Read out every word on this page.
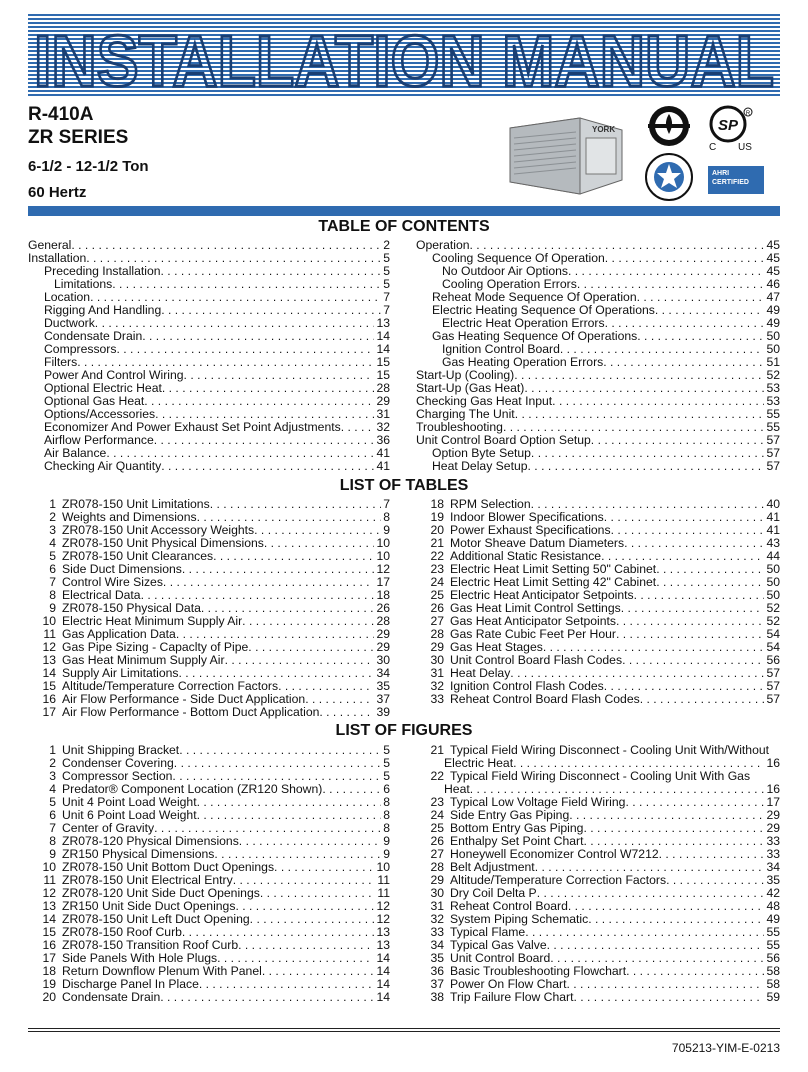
INSTALLATION MANUAL

R-410A

ZR SERIES

6-1/2 - 12-1/2 Ton

60 Hertz

YORK	SP
R
C US
AHRI CERTIFIED
TABLE OF CONTENTS
General . . .	2
Installation . . .	5
Preceding Installation . . .	5
Limitations . . .	5
Location . . .	7
Rigging And Handling . . .	7
Ductwork . . .	13
Condensate Drain . . .	14
Compressors . . .	14
Filters . . .	15
Power And Control Wiring . . .	15
Optional Electric Heat . . .	28
Optional Gas Heat . . .	29
Options/Accessories . . .	31
Economizer And Power Exhaust Set Point Adjustments . . .	32
Airflow Performance . . .	36
Air Balance . . .	41
Checking Air Quantity . . .	41
Operation . . .	45
Cooling Sequence Of Operation . . .	45
No Outdoor Air Options . . .	45
Cooling Operation Errors . . .	46
Reheat Mode Sequence Of Operation . . .	47
Electric Heating Sequence Of Operations . . .	49
Electric Heat Operation Errors . . .	49
Gas Heating Sequence Of Operations . . .	50
Ignition Control Board . . .	50
Gas Heating Operation Errors . . .	51
Start-Up (Cooling) . . .	52
Start-Up (Gas Heat) . . .	53
Checking Gas Heat Input . . .	53
Charging The Unit . . .	55
Troubleshooting . . .	55
Unit Control Board Option Setup . . .	57
Option Byte Setup . . .	57
Heat Delay Setup . . .	57
LIST OF TABLES
1 ZR078-150 Unit Limitations . . .	7
2 Weights and Dimensions . . .	8
3 ZR078-150 Unit Accessory Weights . . .	9
4 ZR078-150 Unit Physical Dimensions . . .	10
5 ZR078-150 Unit Clearances . . .	10
6 Side Duct Dimensions . . .	12
7 Control Wire Sizes . . .	17
8 Electrical Data . . .	18
9 ZR078-150 Physical Data . . .	26
10 Electric Heat Minimum Supply Air . . .	28
11 Gas Application Data . . .	29
12 Gas Pipe Sizing - Capaclty of Pipe . . .	29
13 Gas Heat Minimum Supply Air . . .	30
14 Supply Air Limitations . . .	34
15 Altitude/Temperature Correction Factors . . .	35
16 Air Flow Performance - Side Duct Application . . .	37
17 Air Flow Performance - Bottom Duct Application . . .	39
18 RPM Selection . . .	40
19 Indoor Blower Specifications . . .	41
20 Power Exhaust Specifications . . .	41
21 Motor Sheave Datum Diameters . . .	43
22 Additional Static Resistance . . .	44
23 Electric Heat Limit Setting 50" Cabinet . . .	50
24 Electric Heat Limit Setting 42" Cabinet . . .	50
25 Electric Heat Anticipator Setpoints . . .	50
26 Gas Heat Limit Control Settings . . .	52
27 Gas Heat Anticipator Setpoints . . .	52
28 Gas Rate Cubic Feet Per Hour . . .	54
29 Gas Heat Stages . . .	54
30 Unit Control Board Flash Codes . . .	56
31 Heat Delay . . .	57
32 Ignition Control Flash Codes . . .	57
33 Reheat Control Board Flash Codes . . .	57
LIST OF FIGURES
1 Unit Shipping Bracket . . .	5
2 Condenser Covering . . .	5
3 Compressor Section . . .	5
4 Predator® Component Location (ZR120 Shown) . . .	6
5 Unit 4 Point Load Weight . . .	8
6 Unit 6 Point Load Weight . . .	8
7 Center of Gravity . . .	8
8 ZR078-120 Physical Dimensions . . .	9
9 ZR150 Physical Dimensions . . .	9
10 ZR078-150 Unit Bottom Duct Openings . . .	10
11 ZR078-150 Unit Electrical Entry . . .	11
12 ZR078-120 Unit Side Duct Openings . . .	11
13 ZR150 Unit Side Duct Openings . . .	12
14 ZR078-150 Unit Left Duct Opening . . .	12
15 ZR078-150 Roof Curb . . .	13
16 ZR078-150 Transition Roof Curb . . .	13
17 Side Panels With Hole Plugs . . .	14
18 Return Downflow Plenum With Panel . . .	14
19 Discharge Panel In Place . . .	14
20 Condensate Drain . . .	14
21 Typical Field Wiring Disconnect - Cooling Unit With/Without
Electric Heat . . .	16
22 Typical Field Wiring Disconnect - Cooling Unit With Gas
Heat . . .	16
23 Typical Low Voltage Field Wiring . . .	17
24 Side Entry Gas Piping . . .	29
25 Bottom Entry Gas Piping . . .	29
26 Enthalpy Set Point Chart . . .	33
27 Honeywell Economizer Control W7212 . . .	33
28 Belt Adjustment . . .	34
29 Altitude/Temperature Correction Factors . . .	35
30 Dry Coil Delta P . . .	42
31 Reheat Control Board . . .	48
32 System Piping Schematic . . .	49
33 Typical Flame . . .	55
34 Typical Gas Valve . . .	55
35 Unit Control Board . . .	56
36 Basic Troubleshooting Flowchart . . .	58
37 Power On Flow Chart . . .	58
38 Trip Failure Flow Chart . . .	59
705213-YIM-E-0213
